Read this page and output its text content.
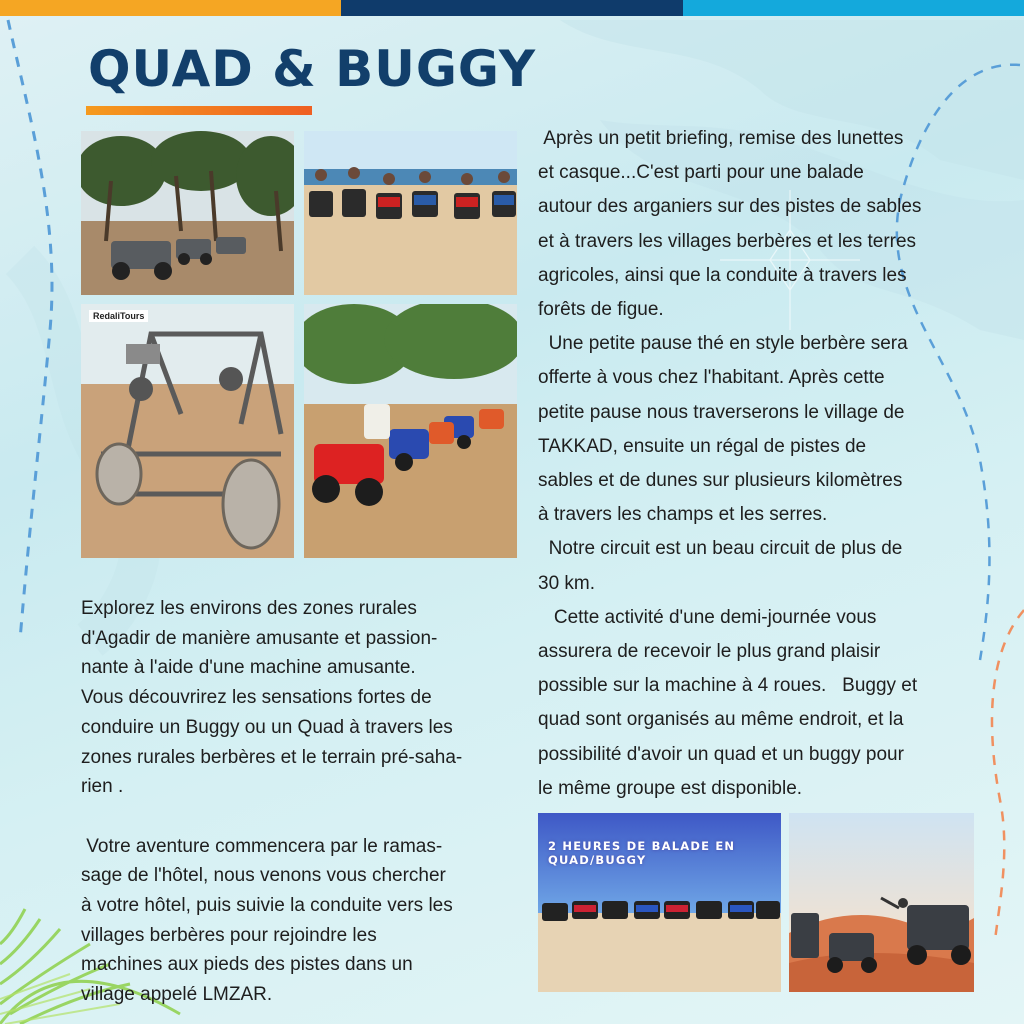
QUAD & BUGGY
RedaliTours
2 HEURES DE BALADE EN QUAD/BUGGY

Explorez les environs des zones rurales
d'Agadir de manière amusante et passion-
nante à l'aide d'une machine amusante.
Vous découvrirez les sensations fortes de
conduire un Buggy ou un Quad à travers les
zones rurales berbères et le terrain pré-saha-
rien .

Votre aventure commencera par le ramas-
sage de l'hôtel, nous venons vous chercher
à votre hôtel, puis suivie la conduite vers les
villages berbères pour rejoindre les
machines aux pieds des pistes dans un
village appelé LMZAR.

Après un petit briefing, remise des lunettes
et casque...C'est parti pour une balade
autour des arganiers sur des pistes de sables
et à travers les villages berbères et les terres
agricoles, ainsi que la conduite à travers les
forêts de figue.

Une petite pause thé en style berbère sera
offerte à vous chez l'habitant. Après cette
petite pause nous traverserons le village de
TAKKAD, ensuite un régal de pistes de
sables et de dunes sur plusieurs kilomètres
à travers les champs et les serres.

Notre circuit est un beau circuit de plus de
30 km.

Cette activité d'une demi-journée vous
assurera de recevoir le plus grand plaisir
possible sur la machine à 4 roues.   Buggy et
quad sont organisés au même endroit, et la
possibilité d'avoir un quad et un buggy pour
le même groupe est disponible.
